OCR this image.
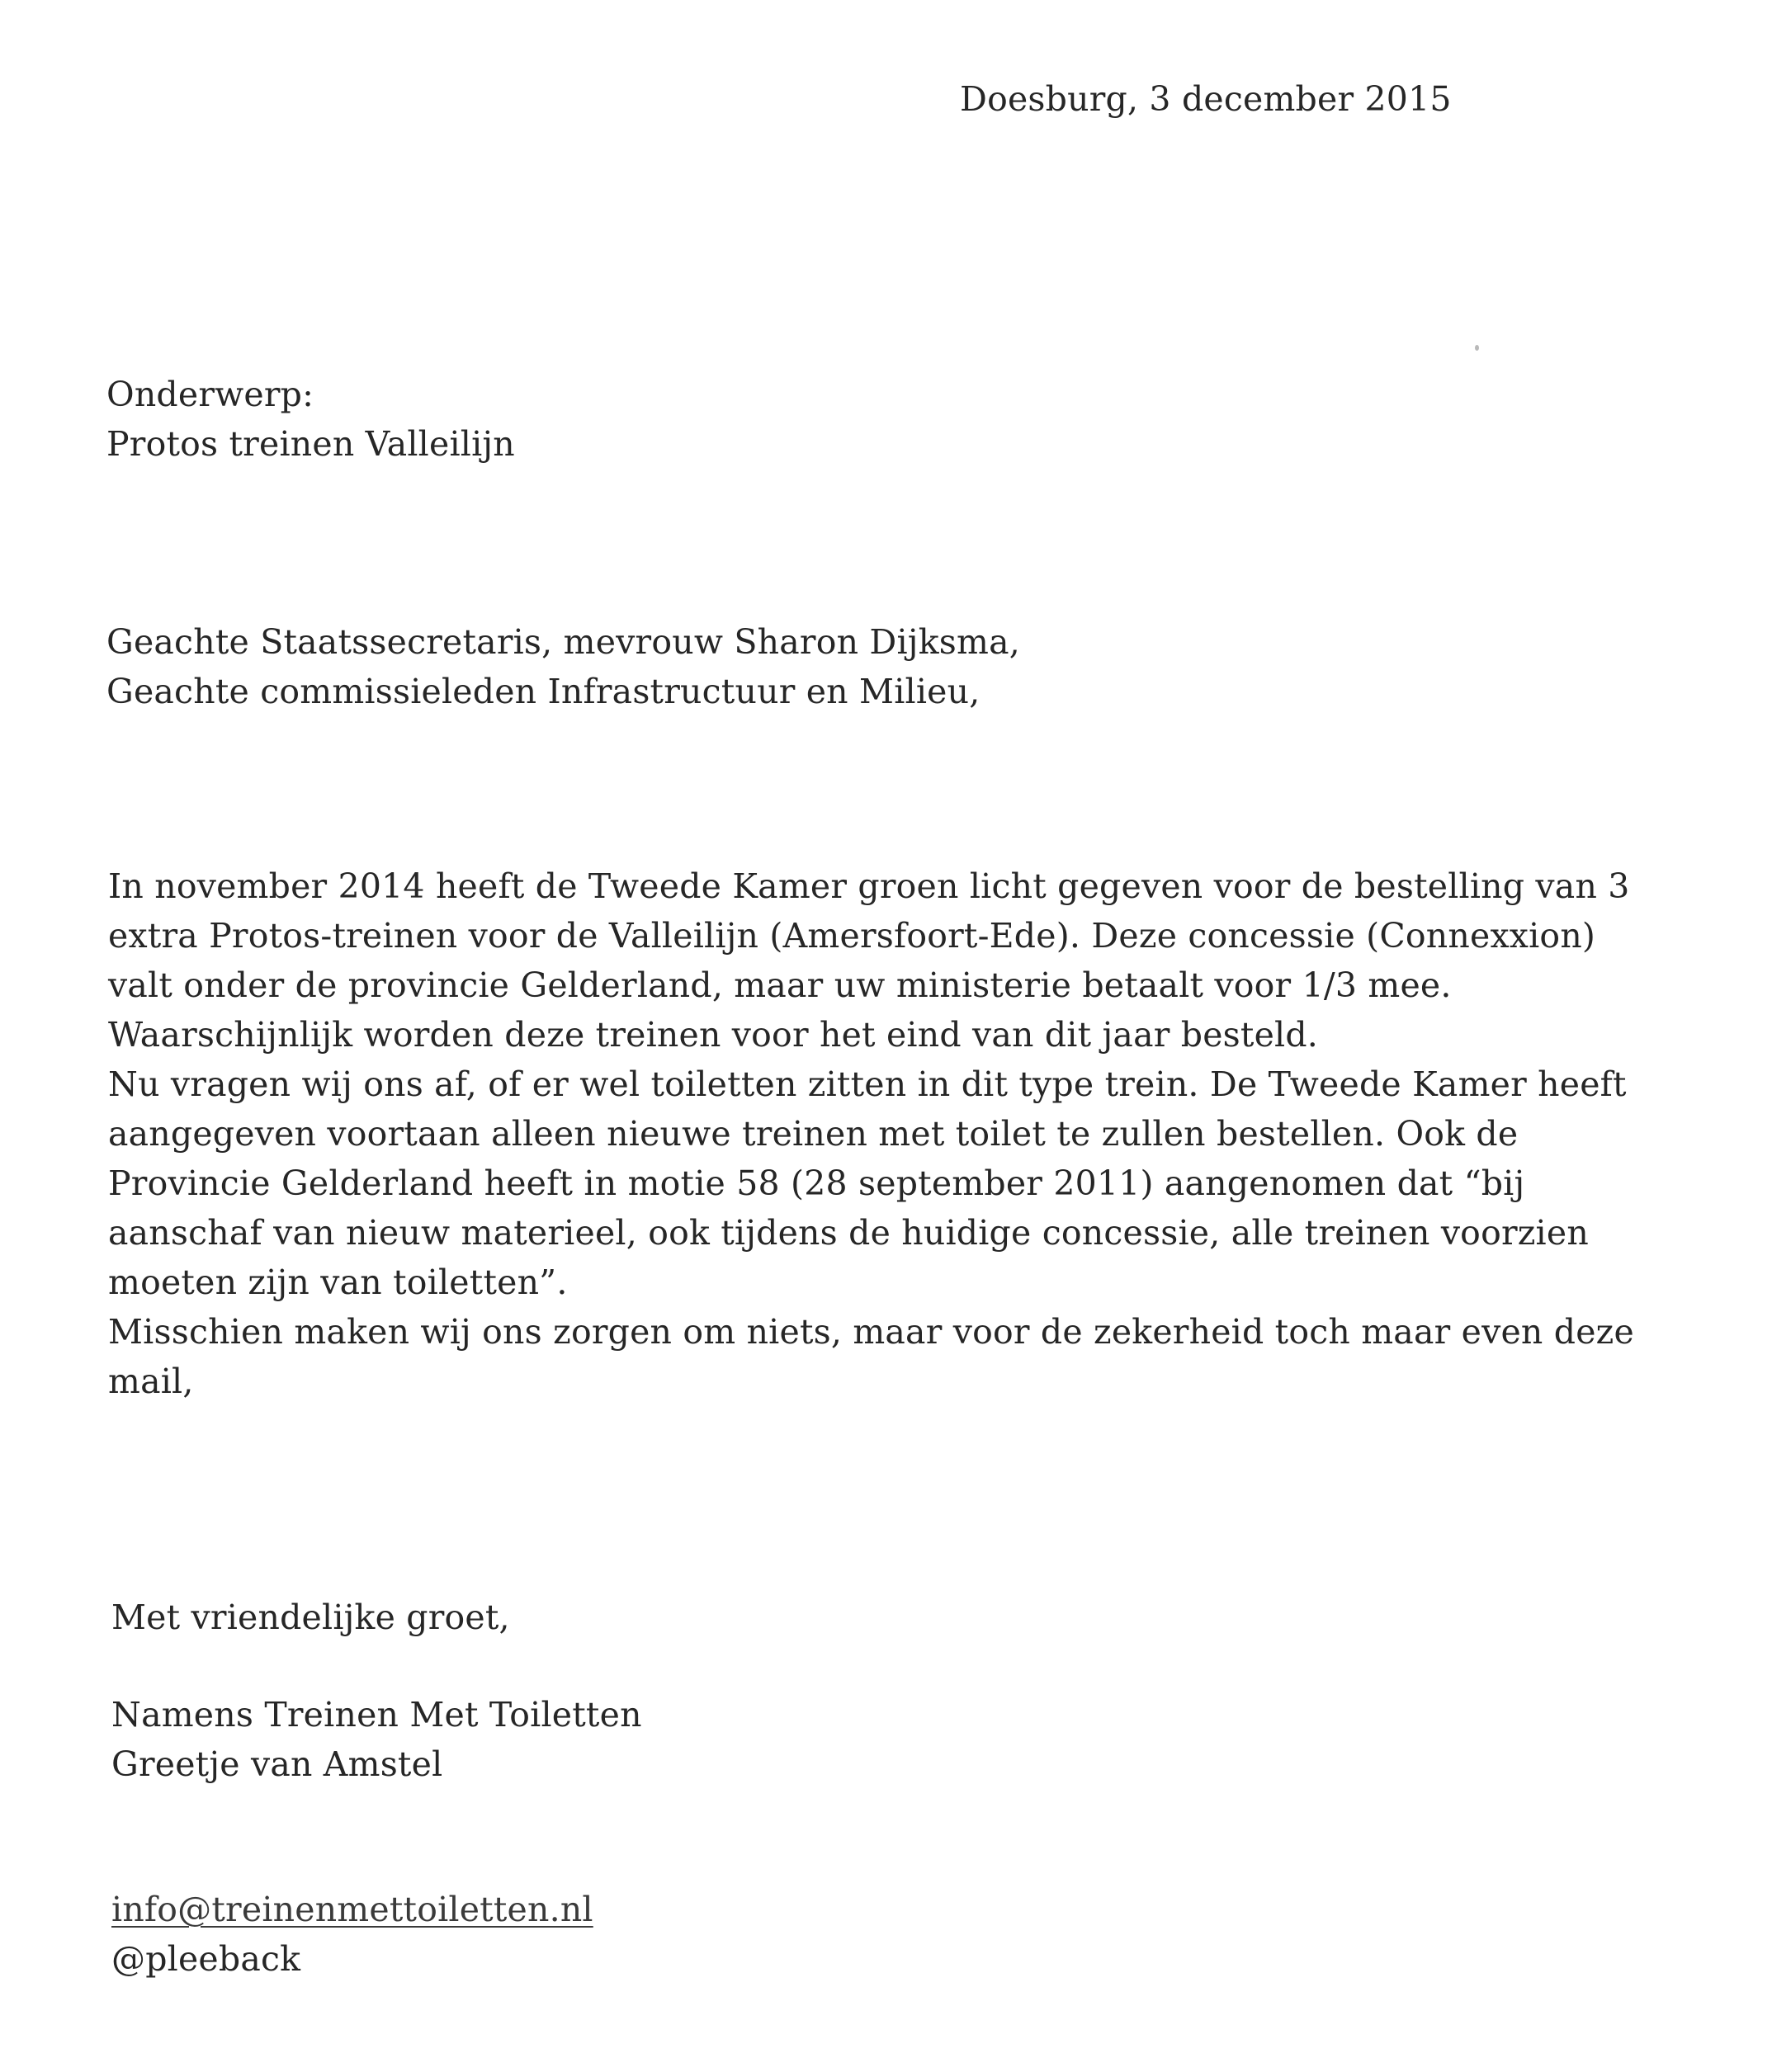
Doesburg, 3 december 2015
Onderwerp:
Protos treinen Valleilijn
Geachte Staatssecretaris, mevrouw Sharon Dijksma,
Geachte commissieleden Infrastructuur en Milieu,
In november 2014 heeft de Tweede Kamer groen licht gegeven voor de bestelling van 3
extra Protos-treinen voor de Valleilijn (Amersfoort-Ede). Deze concessie (Connexxion)
valt onder de provincie Gelderland, maar uw ministerie betaalt voor 1/3 mee.
Waarschijnlijk worden deze treinen voor het eind van dit jaar besteld.
Nu vragen wij ons af, of er wel toiletten zitten in dit type trein. De Tweede Kamer heeft
aangegeven voortaan alleen nieuwe treinen met toilet te zullen bestellen. Ook de
Provincie Gelderland heeft in motie 58 (28 september 2011) aangenomen dat “bij
aanschaf van nieuw materieel, ook tijdens de huidige concessie, alle treinen voorzien
moeten zijn van toiletten”.
Misschien maken wij ons zorgen om niets, maar voor de zekerheid toch maar even deze
mail,
Met vriendelijke groet,
Namens Treinen Met Toiletten
Greetje van Amstel
info@treinenmettoiletten.nl
@pleeback
